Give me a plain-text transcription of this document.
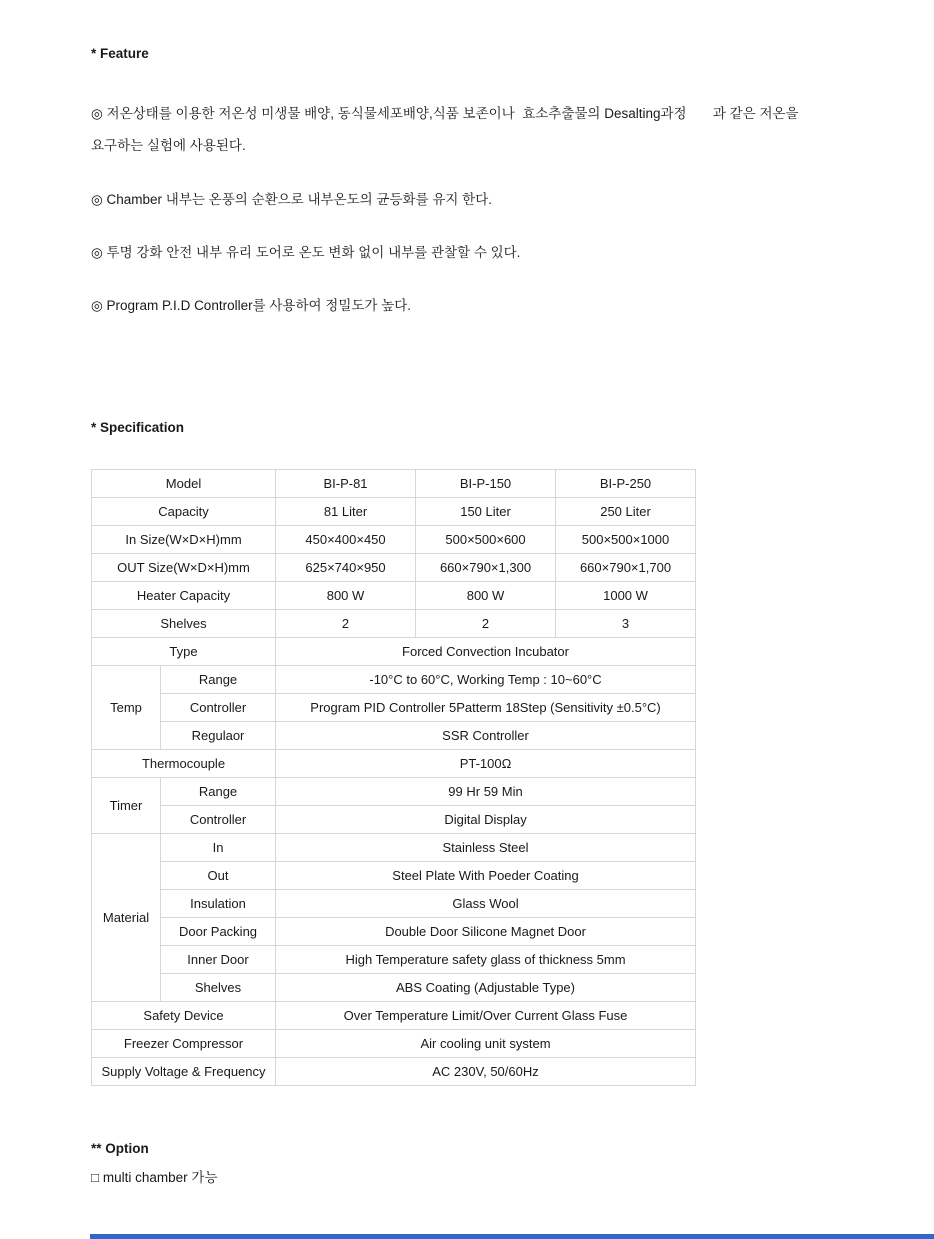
* Feature

◎ 저온상태를 이용한 저온성 미생물 배양, 동식물세포배양,식품 보존이나  효소추출물의 Desalting과정       과 같은 저온을 요구하는 실험에 사용된다.

◎ Chamber 내부는 온풍의 순환으로 내부온도의 균등화를 유지 한다.

◎ 투명 강화 안전 내부 유리 도어로 온도 변화 없이 내부를 관찰할 수 있다.

◎ Program P.I.D Controller를 사용하여 정밀도가 높다.

* Specification

Model		BI-P-81	BI-P-150	BI-P-250
Capacity		81 Liter	150 Liter	250 Liter
In Size(W×D×H)mm		450×400×450	500×500×600	500×500×1000
OUT Size(W×D×H)mm		625×740×950	660×790×1,300	660×790×1,700
Heater Capacity		800 W	800 W	1000 W
Shelves		2	2	3
Type		Forced Convection Incubator		
Temp	Range	-10°C to 60°C, Working Temp : 10~60°C		
	Controller	Program PID Controller 5Patterm 18Step (Sensitivity ±0.5°C)		
	Regulaor	SSR Controller		
Thermocouple		PT-100Ω		
Timer	Range	99 Hr 59 Min		
	Controller	Digital Display		
Material	In	Stainless Steel		
	Out	Steel Plate With Poeder Coating		
	Insulation	Glass Wool		
	Door Packing	Double Door Silicone Magnet Door		
	Inner Door	High Temperature safety glass of thickness 5mm		
	Shelves	ABS Coating (Adjustable Type)		
Safety Device		Over Temperature Limit/Over Current Glass Fuse		
Freezer Compressor		Air cooling unit system		
Supply Voltage & Frequency		AC 230V, 50/60Hz		

** Option

□ multi chamber 가능
